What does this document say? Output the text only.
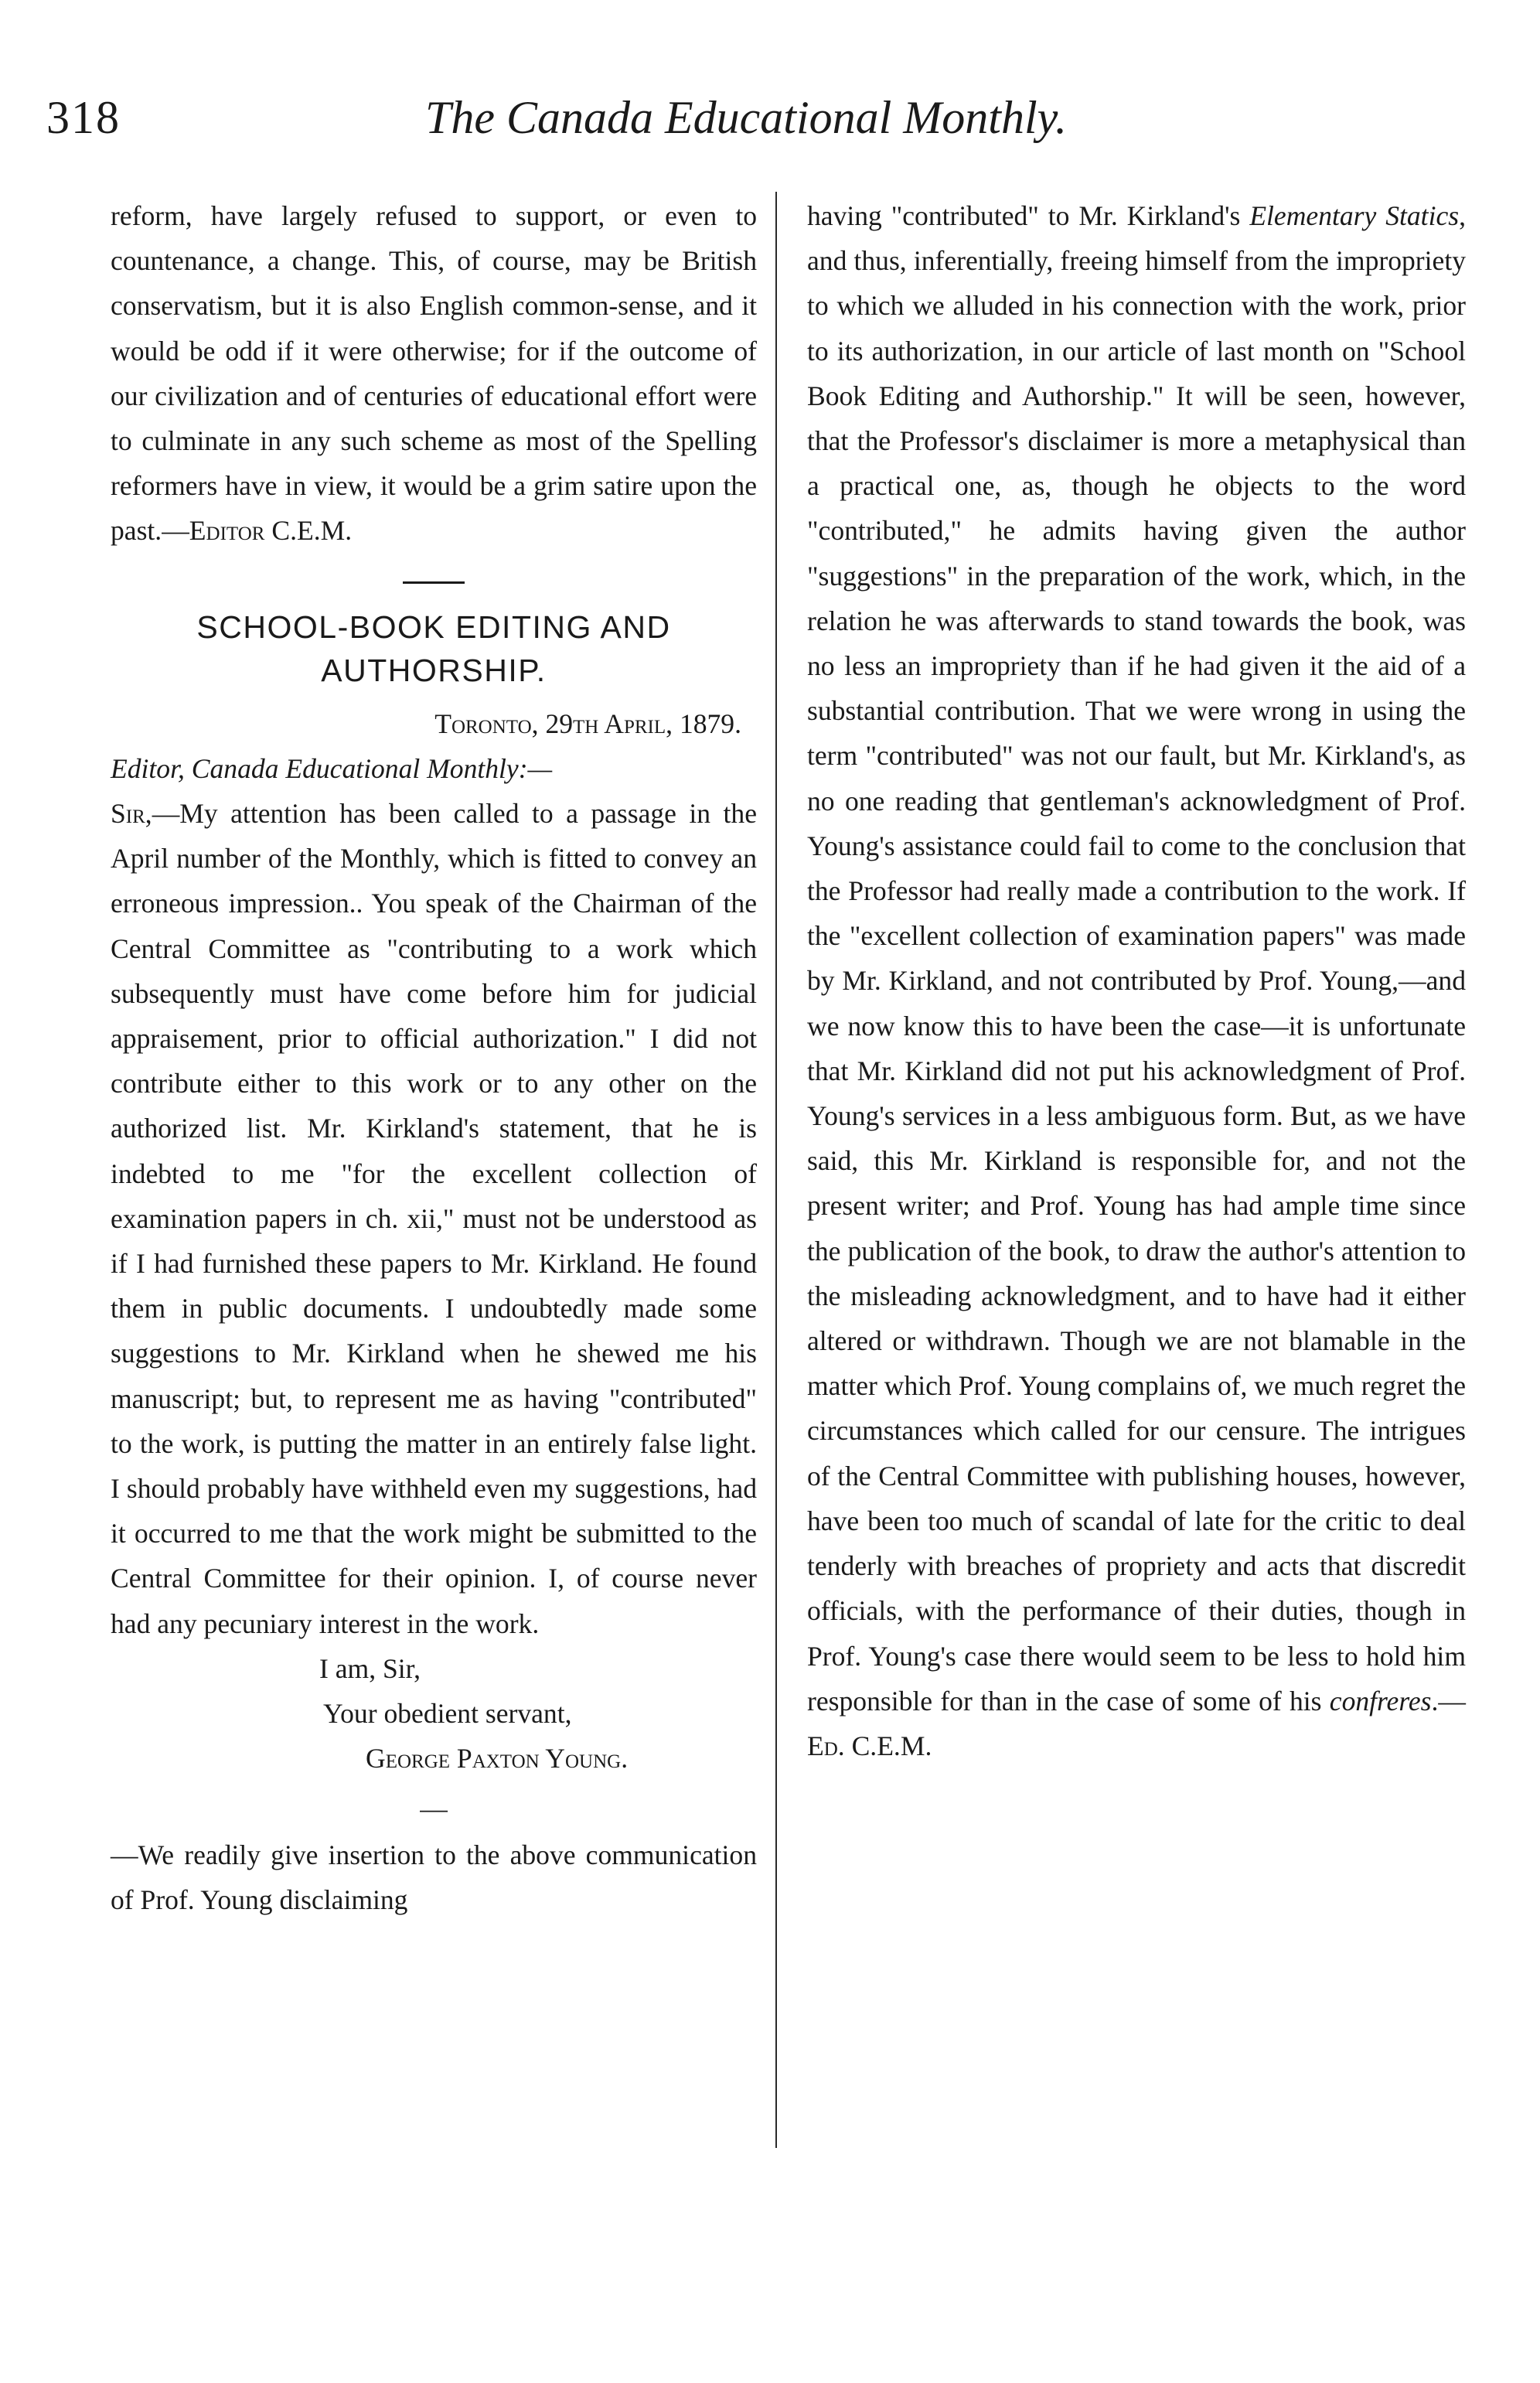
318	The Canada Educational Monthly.

reform, have largely refused to support, or even to countenance, a change. This, of course, may be British conservatism, but it is also English common-sense, and it would be odd if it were otherwise; for if the outcome of our civilization and of centuries of educational effort were to culminate in any such scheme as most of the Spelling reformers have in view, it would be a grim satire upon the past.—Editor C.E.M.

SCHOOL-BOOK EDITING AND AUTHORSHIP.

Toronto, 29th April, 1879.

Editor, Canada Educational Monthly:—

Sir,—My attention has been called to a passage in the April number of the Monthly, which is fitted to convey an erroneous impression.. You speak of the Chairman of the Central Committee as "contributing to a work which subsequently must have come before him for judicial appraisement, prior to official authorization." I did not contribute either to this work or to any other on the authorized list. Mr. Kirkland's statement, that he is indebted to me "for the excellent collection of examination papers in ch. xii," must not be understood as if I had furnished these papers to Mr. Kirkland. He found them in public documents. I undoubtedly made some suggestions to Mr. Kirkland when he shewed me his manuscript; but, to represent me as having "contributed" to the work, is putting the matter in an entirely false light. I should probably have withheld even my suggestions, had it occurred to me that the work might be submitted to the Central Committee for their opinion. I, of course never had any pecuniary interest in the work.

I am, Sir,

Your obedient servant,

George Paxton Young.

—

—We readily give insertion to the above communication of Prof. Young disclaiming

having "contributed" to Mr. Kirkland's Elementary Statics, and thus, inferentially, freeing himself from the impropriety to which we alluded in his connection with the work, prior to its authorization, in our article of last month on "School Book Editing and Authorship." It will be seen, however, that the Professor's disclaimer is more a metaphysical than a practical one, as, though he objects to the word "contributed," he admits having given the author "suggestions" in the preparation of the work, which, in the relation he was afterwards to stand towards the book, was no less an impropriety than if he had given it the aid of a substantial contribution. That we were wrong in using the term "contributed" was not our fault, but Mr. Kirkland's, as no one reading that gentleman's acknowledgment of Prof. Young's assistance could fail to come to the conclusion that the Professor had really made a contribution to the work. If the "excellent collection of examination papers" was made by Mr. Kirkland, and not contributed by Prof. Young,—and we now know this to have been the case—it is unfortunate that Mr. Kirkland did not put his acknowledgment of Prof. Young's services in a less ambiguous form. But, as we have said, this Mr. Kirkland is responsible for, and not the present writer; and Prof. Young has had ample time since the publication of the book, to draw the author's attention to the misleading acknowledgment, and to have had it either altered or withdrawn. Though we are not blamable in the matter which Prof. Young complains of, we much regret the circumstances which called for our censure. The intrigues of the Central Committee with publishing houses, however, have been too much of scandal of late for the critic to deal tenderly with breaches of propriety and acts that discredit officials, with the performance of their duties, though in Prof. Young's case there would seem to be less to hold him responsible for than in the case of some of his confreres.—Ed. C.E.M.
